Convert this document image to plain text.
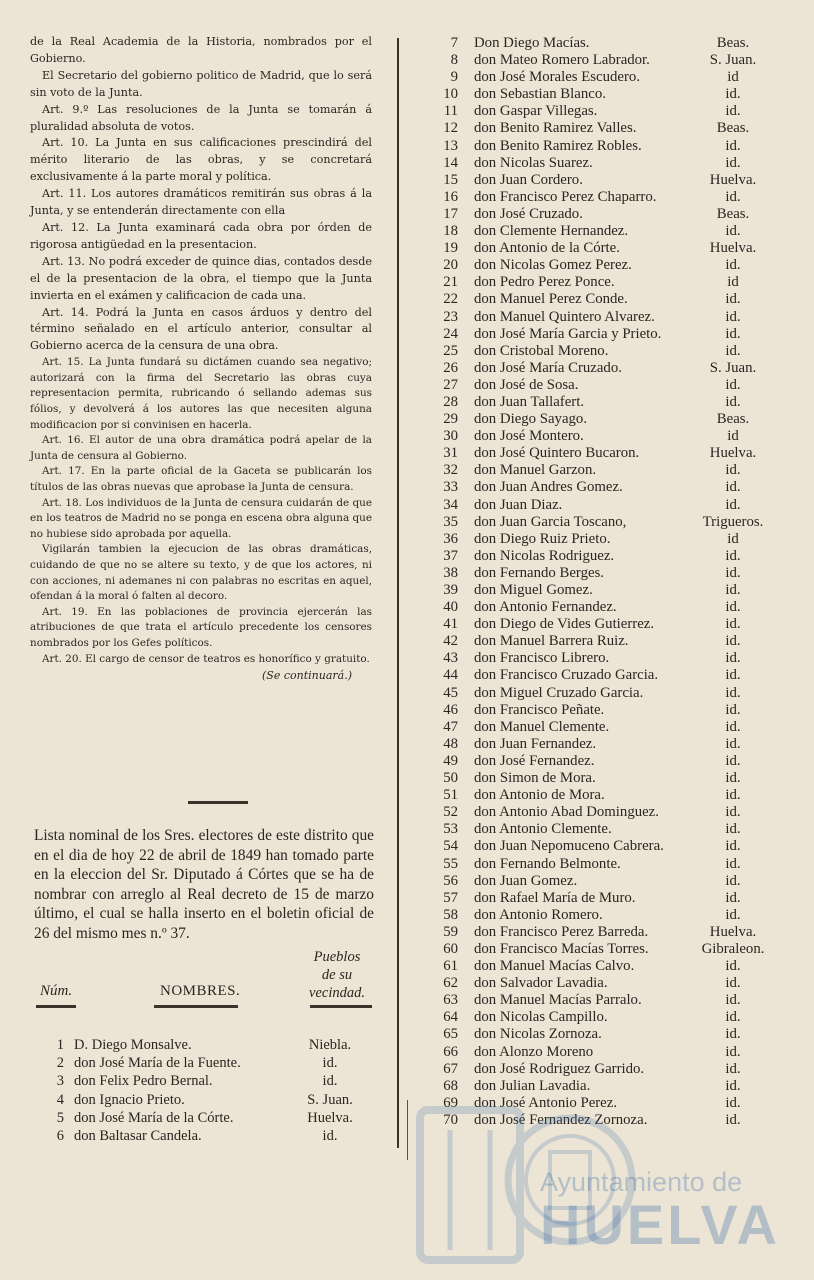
de la Real Academia de la Historia, nombrados por el Gobierno.

El Secretario del gobierno politico de Madrid, que lo será sin voto de la Junta.

Art. 9.º Las resoluciones de la Junta se tomarán á pluralidad absoluta de votos.

Art. 10. La Junta en sus calificaciones prescindirá del mérito literario de las obras, y se concretará exclusivamente á la parte moral y política.

Art. 11. Los autores dramáticos remitirán sus obras á la Junta, y se entenderán directamente con ella

Art. 12. La Junta examinará cada obra por órden de rigorosa antigüedad en la presentacion.

Art. 13. No podrá exceder de quince dias, contados desde el de la presentacion de la obra, el tiempo que la Junta invierta en el exámen y calificacion de cada una.

Art. 14. Podrá la Junta en casos árduos y dentro del término señalado en el artículo anterior, consultar al Gobierno acerca de la censura de una obra.

Art. 15. La Junta fundará su dictámen cuando sea negativo; autorizará con la firma del Secretario las obras cuya representacion permita, rubricando ó sellando ademas sus fólios, y devolverá á los autores las que necesiten alguna modificacion por si convinisen en hacerla.

Art. 16. El autor de una obra dramática podrá apelar de la Junta de censura al Gobierno.

Art. 17. En la parte oficial de la Gaceta se publicarán los títulos de las obras nuevas que aprobase la Junta de censura.

Art. 18. Los individuos de la Junta de censura cuidarán de que en los teatros de Madrid no se ponga en escena obra alguna que no hubiese sido aprobada por aquella.

Vigilarán tambien la ejecucion de las obras dramáticas, cuidando de que no se altere su texto, y de que los actores, ni con acciones, ni ademanes ni con palabras no escritas en aquel, ofendan á la moral ó falten al decoro.

Art. 19. En las poblaciones de provincia ejercerán las atribuciones de que trata el artículo precedente los censores nombrados por los Gefes políticos.

Art. 20. El cargo de censor de teatros es honorífico y gratuito.

(Se continuará.)

Lista nominal de los Sres. electores de este distrito que en el dia de hoy 22 de abril de 1849 han tomado parte en la eleccion del Sr. Diputado á Córtes que se ha de nombrar con arreglo al Real decreto de 15 de marzo último, el cual se halla inserto en el boletin oficial de 26 del mismo mes n.º 37.

Núm.	NOMBRES.
Pueblos
de su
vecindad.
1 D. Diego Monsalve.	Niebla.
2 don José María de la Fuente.	id.
3 don Felix Pedro Bernal.	id.
4 don Ignacio Prieto.	S. Juan.
5 don José María de la Córte.	Huelva.
6 don Baltasar Candela.	id.
7 Don Diego Macías.	Beas.
8 don Mateo Romero Labrador.	S. Juan.
9 don José Morales Escudero.	id
10 don Sebastian Blanco.	id.
11 don Gaspar Villegas.	id.
12 don Benito Ramirez Valles.	Beas.
13 don Benito Ramirez Robles.	id.
14 don Nicolas Suarez.	id.
15 don Juan Cordero.	Huelva.
16 don Francisco Perez Chaparro.	id.
17 don José Cruzado.	Beas.
18 don Clemente Hernandez.	id.
19 don Antonio de la Córte.	Huelva.
20 don Nicolas Gomez Perez.	id.
21 don Pedro Perez Ponce.	id
22 don Manuel Perez Conde.	id.
23 don Manuel Quintero Alvarez.	id.
24 don José María Garcia y Prieto.	id.
25 don Cristobal Moreno.	id.
26 don José María Cruzado.	S. Juan.
27 don José de Sosa.	id.
28 don Juan Tallafert.	id.
29 don Diego Sayago.	Beas.
30 don José Montero.	id
31 don José Quintero Bucaron.	Huelva.
32 don Manuel Garzon.	id.
33 don Juan Andres Gomez.	id.
34 don Juan Diaz.	id.
35 don Juan Garcia Toscano,	Trigueros.
36 don Diego Ruiz Prieto.	id
37 don Nicolas Rodriguez.	id.
38 don Fernando Berges.	id.
39 don Miguel Gomez.	id.
40 don Antonio Fernandez.	id.
41 don Diego de Vides Gutierrez.	id.
42 don Manuel Barrera Ruiz.	id.
43 don Francisco Librero.	id.
44 don Francisco Cruzado Garcia.	id.
45 don Miguel Cruzado Garcia.	id.
46 don Francisco Peñate.	id.
47 don Manuel Clemente.	id.
48 don Juan Fernandez.	id.
49 don José Fernandez.	id.
50 don Simon de Mora.	id.
51 don Antonio de Mora.	id.
52 don Antonio Abad Dominguez.	id.
53 don Antonio Clemente.	id.
54 don Juan Nepomuceno Cabrera.	id.
55 don Fernando Belmonte.	id.
56 don Juan Gomez.	id.
57 don Rafael María de Muro.	id.
58 don Antonio Romero.	id.
59 don Francisco Perez Barreda.	Huelva.
60 don Francisco Macías Torres.	Gibraleon.
61 don Manuel Macías Calvo.	id.
62 don Salvador Lavadia.	id.
63 don Manuel Macías Parralo.	id.
64 don Nicolas Campillo.	id.
65 don Nicolas Zornoza.	id.
66 don Alonzo Moreno	id.
67 don José Rodriguez Garrido.	id.
68 don Julian Lavadia.	id.
69 don José Antonio Perez.	id.
70 don José Fernandez Zornoza.	id.
Ayuntamiento de
HUELVA
